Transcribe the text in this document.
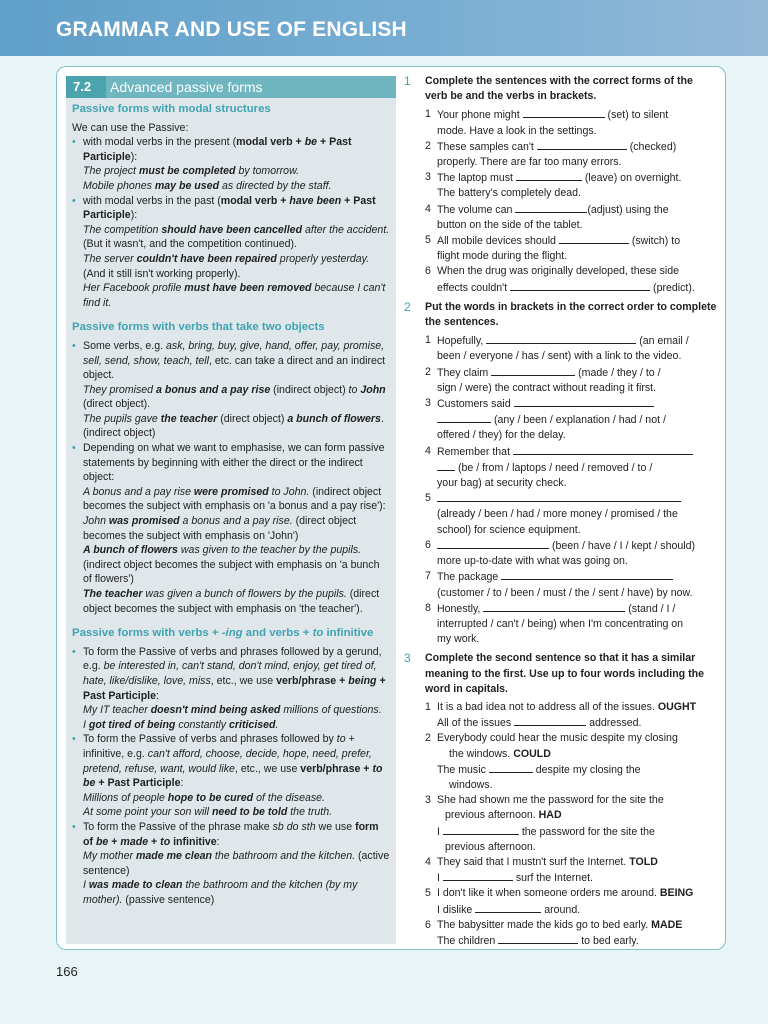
GRAMMAR AND USE OF ENGLISH
7.2	Advanced passive forms
Passive forms with modal structures

We can use the Passive:

• with modal verbs in the present (modal verb + be + Past Participle):

The project must be completed by tomorrow.

Mobile phones may be used as directed by the staff.

• with modal verbs in the past (modal verb + have been + Past Participle):

The competition should have been cancelled after the accident. (But it wasn't, and the competition continued).

The server couldn't have been repaired properly yesterday. (And it still isn't working properly).

Her Facebook profile must have been removed because I can't find it.

Passive forms with verbs that take two objects

• Some verbs, e.g. ask, bring, buy, give, hand, offer, pay, promise, sell, send, show, teach, tell, etc. can take a direct and an indirect object.

They promised a bonus and a pay rise (indirect object) to John (direct object).

The pupils gave the teacher (direct object) a bunch of flowers. (indirect object)

• Depending on what we want to emphasise, we can form passive statements by beginning with either the direct or the indirect object:

A bonus and a pay rise were promised to John. (indirect object becomes the subject with emphasis on 'a bonus and a pay rise'):

John was promised a bonus and a pay rise. (direct object becomes the subject with emphasis on 'John')

A bunch of flowers was given to the teacher by the pupils. (indirect object becomes the subject with emphasis on 'a bunch of flowers')

The teacher was given a bunch of flowers by the pupils. (direct object becomes the subject with emphasis on 'the teacher').

Passive forms with verbs + -ing and verbs + to infinitive

• To form the Passive of verbs and phrases followed by a gerund, e.g. be interested in, can't stand, don't mind, enjoy, get tired of, hate, like/dislike, love, miss, etc., we use verb/phrase + being + Past Participle:

My IT teacher doesn't mind being asked millions of questions.

I got tired of being constantly criticised.

• To form the Passive of verbs and phrases followed by to + infinitive, e.g. can't afford, choose, decide, hope, need, prefer, pretend, refuse, want, would like, etc., we use verb/phrase + to be + Past Participle:

Millions of people hope to be cured of the disease.

At some point your son will need to be told the truth.

• To form the Passive of the phrase make sb do sth we use form of be + made + to infinitive:

My mother made me clean the bathroom and the kitchen. (active sentence)

I was made to clean the bathroom and the kitchen (by my mother). (passive sentence)

1 Complete the sentences with the correct forms of the verb be and the verbs in brackets.
1 Your phone might	(set) to silent
mode. Have a look in the settings.
2 These samples can't	(checked)
properly. There are far too many errors.
3 The laptop must	(leave) on overnight.
The battery's completely dead.
4 The volume can	(adjust) using the
button on the side of the tablet.
5 All mobile devices should	(switch) to
flight mode during the flight.
6 When the drug was originally developed, these side
effects couldn't	(predict).
2 Put the words in brackets in the correct order to complete the sentences.
1 Hopefully,	(an email /
been / everyone / has / sent) with a link to the video.
2 They claim	(made / they / to /
sign / were) the contract without reading it first.
3 Customers said
(any / been / explanation / had / not /
offered / they) for the delay.
4 Remember that
(be / from / laptops / need / removed / to /
your bag) at security check.
5
(already / been / had / more money / promised / the
school) for science equipment.
6	(been / have / I / kept / should)
more up-to-date with what was going on.
7 The package
(customer / to / been / must / the / sent / have) by now.
8 Honestly,	(stand / I /
interrupted / can't / being) when I'm concentrating on
my work.
3 Complete the second sentence so that it has a similar meaning to the first. Use up to four words including the word in capitals.
1 It is a bad idea not to address all of the issues. OUGHT
All of the issues	addressed.
2 Everybody could hear the music despite my closing
the windows. COULD
The music	despite my closing the
windows.
3 She had shown me the password for the site the
previous afternoon. HAD
I	the password for the site the
previous afternoon.
4 They said that I mustn't surf the Internet. TOLD
I	surf the Internet.
5 I don't like it when someone orders me around. BEING
I dislike	around.
6 The babysitter made the kids go to bed early. MADE
The children	to bed early.
166
